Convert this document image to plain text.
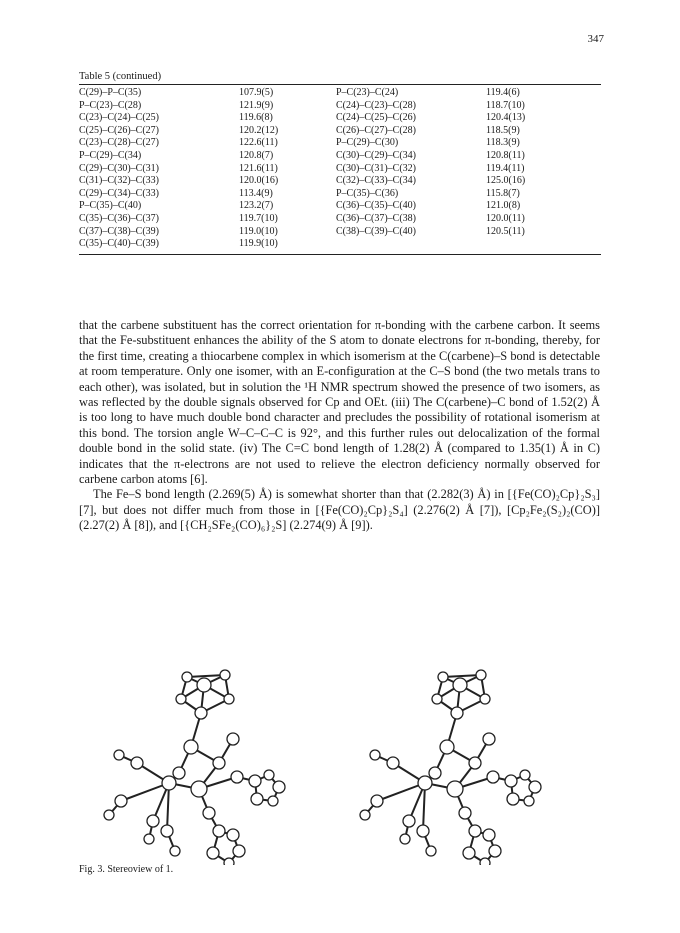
347
Table 5 (continued)
C(29)–P–C(35)	107.9(5)	P–C(23)–C(24)	119.4(6)
P–C(23)–C(28)	121.9(9)	C(24)–C(23)–C(28)	118.7(10)
C(23)–C(24)–C(25)	119.6(8)	C(24)–C(25)–C(26)	120.4(13)
C(25)–C(26)–C(27)	120.2(12)	C(26)–C(27)–C(28)	118.5(9)
C(23)–C(28)–C(27)	122.6(11)	P–C(29)–C(30)	118.3(9)
P–C(29)–C(34)	120.8(7)	C(30)–C(29)–C(34)	120.8(11)
C(29)–C(30)–C(31)	121.6(11)	C(30)–C(31)–C(32)	119.4(11)
C(31)–C(32)–C(33)	120.0(16)	C(32)–C(33)–C(34)	125.0(16)
C(29)–C(34)–C(33)	113.4(9)	P–C(35)–C(36)	115.8(7)
P–C(35)–C(40)	123.2(7)	C(36)–C(35)–C(40)	121.0(8)
C(35)–C(36)–C(37)	119.7(10)	C(36)–C(37)–C(38)	120.0(11)
C(37)–C(38)–C(39)	119.0(10)	C(38)–C(39)–C(40)	120.5(11)
C(35)–C(40)–C(39)	119.9(10)		

that the carbene substituent has the correct orientation for π-bonding with the carbene carbon. It seems that the Fe-substituent enhances the ability of the S atom to donate electrons for π-bonding, thereby, for the first time, creating a thiocarbene complex in which isomerism at the C(carbene)–S bond is detectable at room temperature. Only one isomer, with an E-configuration at the C–S bond (the two metals trans to each other), was isolated, but in solution the ¹H NMR spectrum showed the presence of two isomers, as was reflected by the double signals observed for Cp and OEt. (iii) The C(carbene)–C bond of 1.52(2) Å is too long to have much double bond character and precludes the possibility of rotational isomerism at this bond. The torsion angle W–C–C–C is 92°, and this further rules out delocalization of the formal double bond in the solid state. (iv) The C=C bond length of 1.28(2) Å (compared to 1.35(1) Å in C) indicates that the π-electrons are not used to relieve the electron deficiency normally observed for carbene carbon atoms [6].

The Fe–S bond length (2.269(5) Å) is somewhat shorter than that (2.282(3) Å) in [{Fe(CO)₂Cp}₂S₃] [7], but does not differ much from those in [{Fe(CO)₂Cp}₂S₄] (2.276(2) Å [7]), [Cp₂Fe₂(S₂)₂(CO)] (2.27(2) Å [8]), and [{CH₂SFe₂(CO)₆}₂S] (2.274(9) Å [9]).

Fig. 3. Stereoview of 1.
